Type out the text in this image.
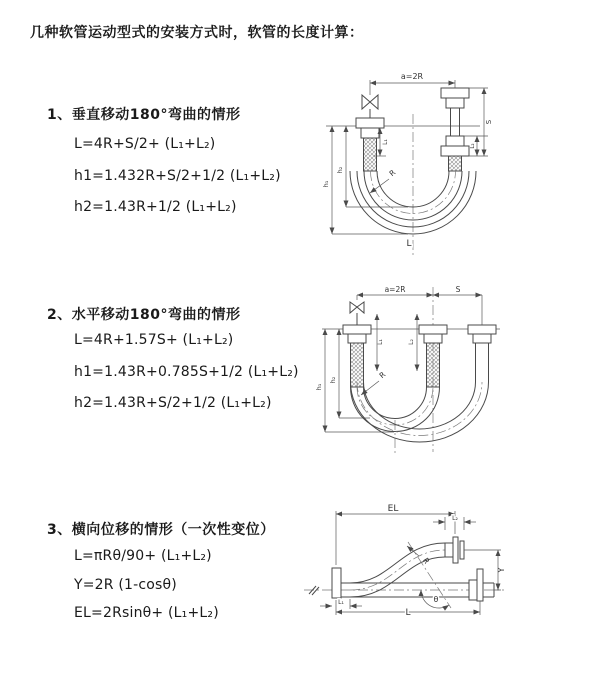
几种软管运动型式的安装方式时，软管的长度计算：
1、垂直移动180°弯曲的情形
L=4R+S/2+ (L₁+L₂)
h1=1.432R+S/2+1/2 (L₁+L₂)
h2=1.43R+1/2 (L₁+L₂)
2、水平移动180°弯曲的情形
L=4R+1.57S+ (L₁+L₂)
h1=1.43R+0.785S+1/2 (L₁+L₂)
h2=1.43R+S/2+1/2 (L₁+L₂)
3、横向位移的情形（一次性变位）
L=πRθ/90+ (L₁+L₂)
Y=2R (1-cosθ)
EL=2Rsinθ+ (L₁+L₂)
a=2R
L₁
S
L₂
h₁
h₂	R
L
a=2R	S
L₁	L₂
h₁
h₂	R
EL
L₂
Y
θ
R
L
L₁
